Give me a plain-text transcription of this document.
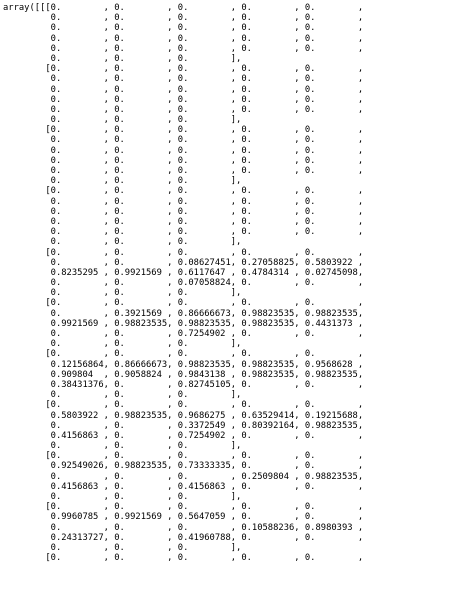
array([[[0.        , 0.        , 0.        , 0.        , 0.        ,
0.        , 0.        , 0.        , 0.        , 0.        ,
0.        , 0.        , 0.        , 0.        , 0.        ,
0.        , 0.        , 0.        , 0.        , 0.        ,
0.        , 0.        , 0.        , 0.        , 0.        ,
0.        , 0.        , 0.        ],
[0.        , 0.        , 0.        , 0.        , 0.        ,
0.        , 0.        , 0.        , 0.        , 0.        ,
0.        , 0.        , 0.        , 0.        , 0.        ,
0.        , 0.        , 0.        , 0.        , 0.        ,
0.        , 0.        , 0.        , 0.        , 0.        ,
0.        , 0.        , 0.        ],
[0.        , 0.        , 0.        , 0.        , 0.        ,
0.        , 0.        , 0.        , 0.        , 0.        ,
0.        , 0.        , 0.        , 0.        , 0.        ,
0.        , 0.        , 0.        , 0.        , 0.        ,
0.        , 0.        , 0.        , 0.        , 0.        ,
0.        , 0.        , 0.        ],
[0.        , 0.        , 0.        , 0.        , 0.        ,
0.        , 0.        , 0.        , 0.        , 0.        ,
0.        , 0.        , 0.        , 0.        , 0.        ,
0.        , 0.        , 0.        , 0.        , 0.        ,
0.        , 0.        , 0.        , 0.        , 0.        ,
0.        , 0.        , 0.        ],
[0.        , 0.        , 0.        , 0.        , 0.        ,
0.        , 0.        , 0.08627451, 0.27058825, 0.5803922 ,
0.8235295 , 0.9921569 , 0.6117647 , 0.4784314 , 0.02745098,
0.        , 0.        , 0.07058824, 0.        , 0.        ,
0.        , 0.        , 0.        ],
[0.        , 0.        , 0.        , 0.        , 0.        ,
0.        , 0.3921569 , 0.86666673, 0.98823535, 0.98823535,
0.9921569 , 0.98823535, 0.98823535, 0.98823535, 0.4431373 ,
0.        , 0.        , 0.7254902 , 0.        , 0.        ,
0.        , 0.        , 0.        ],
[0.        , 0.        , 0.        , 0.        , 0.        ,
0.12156864, 0.86666673, 0.98823535, 0.98823535, 0.9568628 ,
0.909804  , 0.9058824 , 0.9843138 , 0.98823535, 0.98823535,
0.38431376, 0.        , 0.82745105, 0.        , 0.        ,
0.        , 0.        , 0.        ],
[0.        , 0.        , 0.        , 0.        , 0.        ,
0.5803922 , 0.98823535, 0.9686275 , 0.63529414, 0.19215688,
0.        , 0.        , 0.3372549 , 0.80392164, 0.98823535,
0.4156863 , 0.        , 0.7254902 , 0.        , 0.        ,
0.        , 0.        , 0.        ],
[0.        , 0.        , 0.        , 0.        , 0.        ,
0.92549026, 0.98823535, 0.73333335, 0.        , 0.        ,
0.        , 0.        , 0.        , 0.2509804 , 0.98823535,
0.4156863 , 0.        , 0.4156863 , 0.        , 0.        ,
0.        , 0.        , 0.        ],
[0.        , 0.        , 0.        , 0.        , 0.        ,
0.9960785 , 0.9921569 , 0.5647059 , 0.        , 0.        ,
0.        , 0.        , 0.        , 0.10588236, 0.8980393 ,
0.24313727, 0.        , 0.41960788, 0.        , 0.        ,
0.        , 0.        , 0.        ],
[0.        , 0.        , 0.        , 0.        , 0.        ,
